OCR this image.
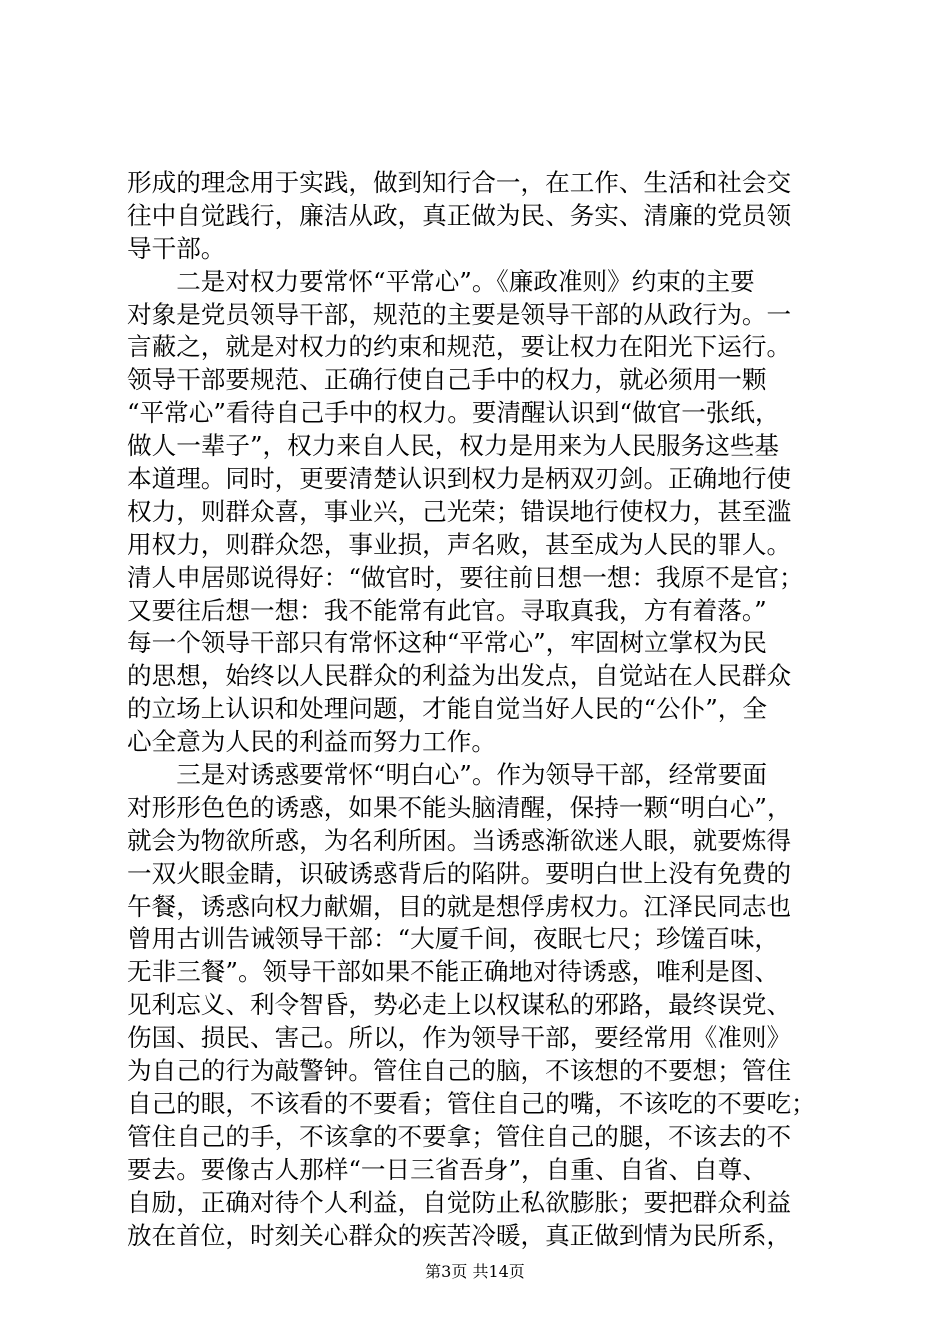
形成的理念用于实践，做到知行合一，在工作、生活和社会交
往中自觉践行，廉洁从政，真正做为民、务实、清廉的党员领
导干部。
　　二是对权力要常怀“平常心”。《廉政准则》约束的主要
对象是党员领导干部，规范的主要是领导干部的从政行为。一
言蔽之，就是对权力的约束和规范，要让权力在阳光下运行。
领导干部要规范、正确行使自己手中的权力，就必须用一颗
“平常心”看待自己手中的权力。要清醒认识到“做官一张纸，
做人一辈子”，权力来自人民，权力是用来为人民服务这些基
本道理。同时，更要清楚认识到权力是柄双刃剑。正确地行使
权力，则群众喜，事业兴，己光荣；错误地行使权力，甚至滥
用权力，则群众怨，事业损，声名败，甚至成为人民的罪人。
清人申居郧说得好：“做官时，要往前日想一想：我原不是官；
又要往后想一想：我不能常有此官。寻取真我，方有着落。”
每一个领导干部只有常怀这种“平常心”，牢固树立掌权为民
的思想，始终以人民群众的利益为出发点，自觉站在人民群众
的立场上认识和处理问题，才能自觉当好人民的“公仆”，全
心全意为人民的利益而努力工作。
　　三是对诱惑要常怀“明白心”。作为领导干部，经常要面
对形形色色的诱惑，如果不能头脑清醒，保持一颗“明白心”，
就会为物欲所惑，为名利所困。当诱惑渐欲迷人眼，就要炼得
一双火眼金睛，识破诱惑背后的陷阱。要明白世上没有免费的
午餐，诱惑向权力献媚，目的就是想俘虏权力。江泽民同志也
曾用古训告诫领导干部：“大厦千间，夜眠七尺；珍馐百味，
无非三餐”。领导干部如果不能正确地对待诱惑，唯利是图、
见利忘义、利令智昏，势必走上以权谋私的邪路，最终误党、
伤国、损民、害己。所以，作为领导干部，要经常用《准则》
为自己的行为敲警钟。管住自己的脑，不该想的不要想；管住
自己的眼，不该看的不要看；管住自己的嘴，不该吃的不要吃；
管住自己的手，不该拿的不要拿；管住自己的腿，不该去的不
要去。要像古人那样“一日三省吾身”，自重、自省、自尊、
自励，正确对待个人利益，自觉防止私欲膨胀；要把群众利益
放在首位，时刻关心群众的疾苦冷暖，真正做到情为民所系，
第3页 共14页
